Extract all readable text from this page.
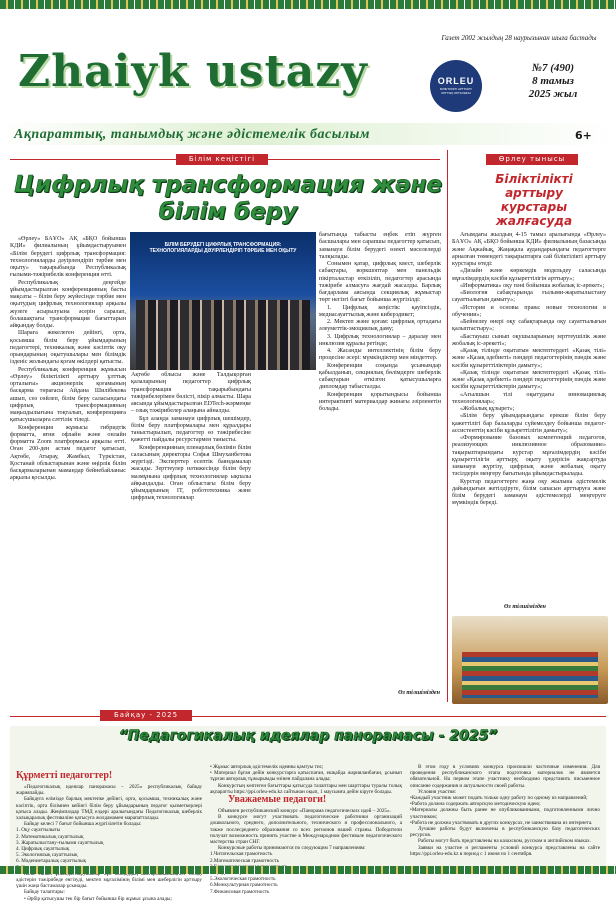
Zhaiyk ustazy
Газет 2002 жылдың 28 наурызынан шыға бастады
ORLEU
БІЛІКТІЛІКТІ АРТТЫРУ ҰЛТТЫҚ ОРТАЛЫҒЫ
№7 (490)
8 тамыз
2025 жыл
Ақпараттық, танымдық және әдістемелік басылым	6+
Білім кеңістігі	Өрлеу тынысы
Цифрлық трансформация және білім беру

«Өрлеу» БАҰО» АҚ «БҚО бойынша КДИ» филиалының ұйымдастыруымен «Білім берудегі цифрлық трансформация: технологияларды дәуірлендіріп тәрбие мен оқыту» тақырыбында Республикалық ғылыми-тәжірибелік конференция өтті.

Республикалық деңгейде ұйымдастырылған конференцияның басты мақсаты – білім беру жүйесінде тәрбие мен оқытудың цифрлық технологиялар арқылы жүзеге асырылуына әсерін саралап, болашақтағы трансформация бағыттарын айқындау болды.

Шараға жекелеген дейінгі, орта, қосымша білім беру ұйымдарының педагогтері, техникалық және кәсіптік оқу орындарының оқытушылары мен білімдік ізденіс жолындағы қоғам өкілдері қатысты.

Республикалық конференция жұмысын «Өрлеу» біліктілікті арттыру ұлттық орталығы» акционерлік қоғамының басқарма төрағасы Айдана Шилібекова ашып, сөз сөйлеп, білім беру саласындағы цифрлық трансформацияның маңыздылығына тоқталып, конференцияға қатысушыларға сәттілік тіледі.

Конференция жұмысы гибридтік форматта, яғни офлайн және онлайн форматта Zoom платформасы арқылы өтті. Оған 200-ден астам педагог қатысып, Ақтөбе, Атырау, Жамбыл, Түркістан, Қостанай облыстарынан және өңірлік білім басқармаларынан мамандар бейнебайланыс арқылы қосылды.

БІЛІМ БЕРУДЕГІ ЦИФРЛЫҚ ТРАНСФОРМАЦИЯ: ТЕХНОЛОГИЯЛАРДЫ ДӘУІРЛЕНДІРІП ТӘРБИЕ МЕН ОҚЫТУ

Ақтөбе облысы және Талдықорған қалаларының педагогтер цифрлық трансформация тақырыбындағы тәжірибелерімен бөлісті, пікір алмасты. Шара аясында ұйымдастырылған EDTech-жәрмеңке – озық тәжірибелер алаңына айналды.

Бұл алаңда заманауи цифрлық шешімдер, білім беру платформалары мен құралдары таныстырылып, педагогтер өз тәжірибесіне қажетті пайдалы ресурстармен танысты.

Конференцияның пленарлық бөлімін білім саласының директоры Софья Шмуханбетова жүргізді. Эксперттер есептік баяндамалар жасады. Зерттеулер нәтижесінде білім беру мазмұнына цифрлық технологиялар ықпалы айқындалды. Оған облыстағы білім беру ұйымдарының IT, робототехника және цифрлық технологиялар

бағытында табысты еңбек етіп жүрген басшылары мен сарапшы педагогтер қатысып, заманауи білім берудегі өзекті мәселелерді талқылады.

Сонымен қатар, цифрлық квест, шеберлік сабақтары, воркшоптар мен панельдік пікірталастар өткізіліп, педагогтер арасында тәжірибе алмасуға жағдай жасалды. Барлық бағдарлама аясында секциялық жұмыстар төрт негізгі бағыт бойынша жүргізілді:

1. Цифрлық кеңістік: қауіпсіздік, медиасауаттылық және киберэдикет;

2. Мектеп және қоғам: цифрлық ортадағы әлеуметтік-эмоциялық даму;

3. Цифрлық технологиялар – даралау мен инклюзия құралы ретінде;

4. Жасанды интеллектінің білім беру процесіне әсері: мүмкіндіктер мен міндеттер.

Конференция соңында ұсынымдар қабылданып, секциялық бөлімдерге шеберлік сабақтарын өткізген қатысушыларға дипломдар табысталды.

Конференция қорытындысы бойынша интерактивті материалдар жинағы әзірленетін болады.

Өз тілшімізден
Біліктілікті арттыру курстары жалғасуда

Ағымдағы жылдың 4-15 тамыз аралығында «Өрлеу» БАҰО» АҚ «БҚО бойынша КДИ» филиалының базасында және Ақжайық, Жаңақала аудандарындағы педагогтерге арналған төмендегі тақырыптарға сай біліктілікті арттыру курстары өтеді:

«Дизайн және көркемдік модельдеу саласында мұғалімдердің кәсіби құзыреттілігін арттыру»;

«Информатика» оқу пәні бойынша жобалық іс-әрекет»;

«Биология сабақтарында ғылыми-жаратылыстану сауаттылығын дамыту»;

«История и основы права: новые технологии в обучении»;

«Бейнелеу өнері оқу сабақтарында оқу сауаттылығын қалыптастыру»;

«Бастауыш сынып оқушыларының зерттеушілік және жобалық іс-әрекеті»;

«Қазақ тілінде оқытатын мектептердегі «Қазақ тілі» және «Қазақ әдебиеті» пәндері педагогтерінің пәндік және кәсіби құзыреттіліктерін дамыту»;

«Қазақ тілінде оқытатын мектептердегі «Қазақ тілі» және «Қазақ әдебиеті» пәндері педагогтерінің пәндік және кәсіби құзыреттіліктерін дамыту»;

«Ағылшын тілі оқытудағы инновациялық технологиялар»;

«Жобалық құзырет»;

«Білім беру ұйымдарындағы ерекше білім беру қажеттілігі бар балаларды сүйемелдеу бойынша педагог-ассистенттің кәсіби құзыреттілігін дамыту»;

«Формирование базовых компетенций педагогов, реализующих инклюзивное образование» тақырыптарындағы курстар мұғалімдердің кәсіби құзыреттілігін арттыру, оқыту үдерісін жақсартуда заманауи жүргізу, цифрлық және жобалық оқыту тәсілдерін меңгеру бағытында ұйымдастырылады.

Курстар педагогтерге жаңа оқу жылына әдістемелік дайындығын жетілдіруге, білім сапасын арттыруға және білім берудегі заманауи әдістемелерді меңгеруге мүмкіндік береді.

Өз тілшімізден
Байқау - 2025
“Педагогикалық идеялар панорамасы - 2025”
Құрметті педагогтер!

«Педагогикалық идеялар панорамасы – 2025» республикалық байқау жариялайды.

Байқауға елімізде барлық мектепке дейінгі, орта, қосымша, техникалық және кәсіптік, орта білімнен кейінгі білім беру ұйымдарының педагог қызметкерлері қатыса алады. Жеңімпаздар ТМД елдері аралығындағы Педагогикалық шеберлік халықаралық фестиваліне қатысуға жолдамамен марапатталады.

Байқау келесі 7 бағыт бойынша жүргізілетін болады:

1. Оқу сауаттылығы

2. Математикалық сауаттылық

3. Жаратылыстану-ғылыми сауаттылық

4. Цифрлық сауаттылық

5. Экологиялық сауаттылық

6. Мәдениетаралық сауаттылық

әдістерін тәжірибеде енгізуді, мектеп мұғалімінің білімі мен шеберлігін арттыру үшін жаңа бастамалар ұсынады.

Байқау талаптары:

• Әрбір қатысушы тек бір бағыт бойынша бір жұмыс ұсына алады;

• Жұмыс авторлық әдістемелік идеяны қамтуы тис;

• Материал бұған дейін конкурстарға қатыспаған, ешқайда жарияланбаған, ұсынып тұрған авторлық тұжырымды өзінен пайдалана алады;

Конкурстың көптеген бағыттары қатысуда талаптары мен шарттары туралы толық ақпаратты https://ppi.orleu-edu.kz сайтынан оқып, 1 маусымға дейін кіруге болады.

Уважаемые педагоги!

Объявлен республиканский конкурс «Панорама педагогических идей – 2025».

В конкурсе могут участвовать педагогические работники организаций дошкольного, среднего, дополнительного, технического и профессионального, а также послесреднего образования со всех регионов нашей страны. Победители получат возможность принять участие в Международном фестивале педагогического мастерства стран СНГ.

Конкурсные работы принимаются по следующим 7 направлениям:

1.Читательская грамотность

2.Математическая грамотность

5.Экологическая грамотность

6.Межкультурная грамотность

7.Финансовая грамотность

В этом году в условиях конкурса произошли частичные изменения. Для проведения республиканского этапа подготовка материалов не является обязательной. На первом этапе участнику необходимо представить письменное описание содержания и актуальности своей работы.

Условия участия:

•Каждый участник может подать только одну работу по одному из направлений;

•Работа должна содержать авторскую методическую идею;

•Материалы должны быть ранее не опубликованными, подготовленными лично участником;

•Работа не должна участвовать в других конкурсах, не заимствована из интернета.

Лучшие работы будут включены в республиканскую базу педагогических ресурсов.

Работы могут быть представлены на казахском, русском и английском языках.

Заявки на участие и регламенты условий конкурса представлены на сайте https://ppi.orleu-edu.kz в период с 1 июня по 1 сентября.
